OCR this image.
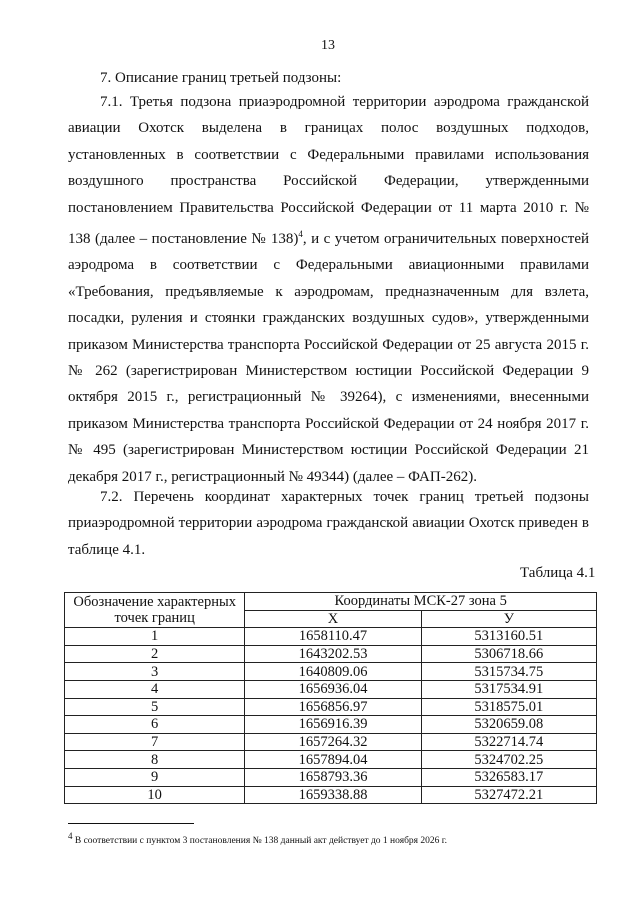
13
7. Описание границ третьей подзоны:
7.1. Третья подзона приаэродромной территории аэродрома гражданской авиации Охотск выделена в границах полос воздушных подходов, установленных в соответствии с Федеральными правилами использования воздушного пространства Российской Федерации, утвержденными постановлением Правительства Российской Федерации от 11 марта 2010 г. № 138 (далее – постановление № 138)$^4$, и с учетом ограничительных поверхностей аэродрома в соответствии с Федеральными авиационными правилами «Требования, предъявляемые к аэродромам, предназначенным для взлета, посадки, руления и стоянки гражданских воздушных судов», утвержденными приказом Министерства транспорта Российской Федерации от 25 августа 2015 г. № 262 (зарегистрирован Министерством юстиции Российской Федерации 9 октября 2015 г., регистрационный № 39264), с изменениями, внесенными приказом Министерства транспорта Российской Федерации от 24 ноября 2017 г. № 495 (зарегистрирован Министерством юстиции Российской Федерации 21 декабря 2017 г., регистрационный № 49344) (далее – ФАП-262).
7.2. Перечень координат характерных точек границ третьей подзоны приаэродромной территории аэродрома гражданской авиации Охотск приведен в таблице 4.1.
Таблица 4.1
Обозначение характерных
точек границ	Координаты МСК-27 зона 5	
	X	У
1	1658110.47	5313160.51
2	1643202.53	5306718.66
3	1640809.06	5315734.75
4	1656936.04	5317534.91
5	1656856.97	5318575.01
6	1656916.39	5320659.08
7	1657264.32	5322714.74
8	1657894.04	5324702.25
9	1658793.36	5326583.17
10	1659338.88	5327472.21
$^4$ В соответствии с пунктом 3 постановления № 138 данный акт действует до 1 ноября 2026 г.
